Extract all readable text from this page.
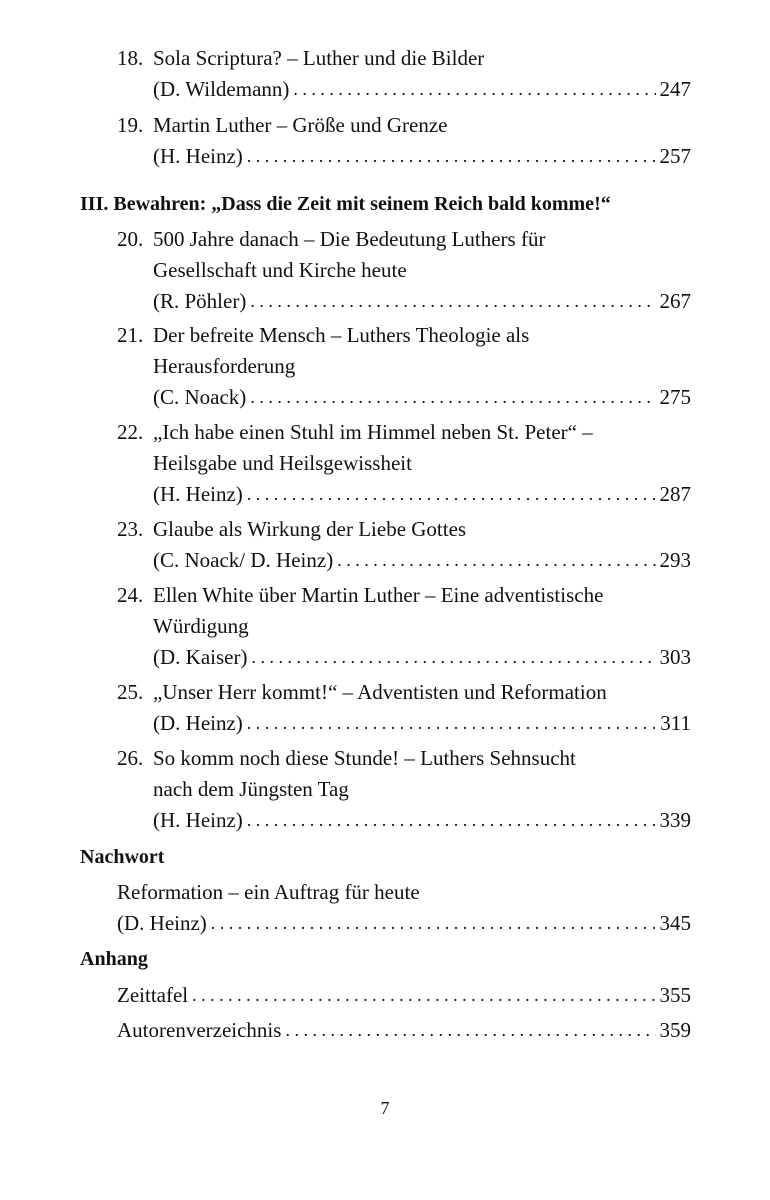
18. Sola Scriptura? – Luther und die Bilder
(D. Wildemann) . . .	247
19. Martin Luther – Größe und Grenze
(H. Heinz) . . .	257
III. Bewahren: „Dass die Zeit mit seinem Reich bald komme!“
20. 500 Jahre danach – Die Bedeutung Luthers für
Gesellschaft und Kirche heute
(R. Pöhler) . . .	267
21. Der befreite Mensch – Luthers Theologie als
Herausforderung
(C. Noack) . . .	275
22. „Ich habe einen Stuhl im Himmel neben St. Peter“ –
Heilsgabe und Heilsgewissheit
(H. Heinz) . . .	287
23. Glaube als Wirkung der Liebe Gottes
(C. Noack/ D. Heinz) . . .	293
24. Ellen White über Martin Luther – Eine adventistische
Würdigung
(D. Kaiser) . . .	303
25. „Unser Herr kommt!“ – Adventisten und Reformation
(D. Heinz) . . .	311
26. So komm noch diese Stunde! – Luthers Sehnsucht
nach dem Jüngsten Tag
(H. Heinz) . . .	339
Nachwort
Reformation – ein Auftrag für heute
(D. Heinz) . . .	345
Anhang
Zeittafel . . .	355
Autorenverzeichnis . . .	359
7
